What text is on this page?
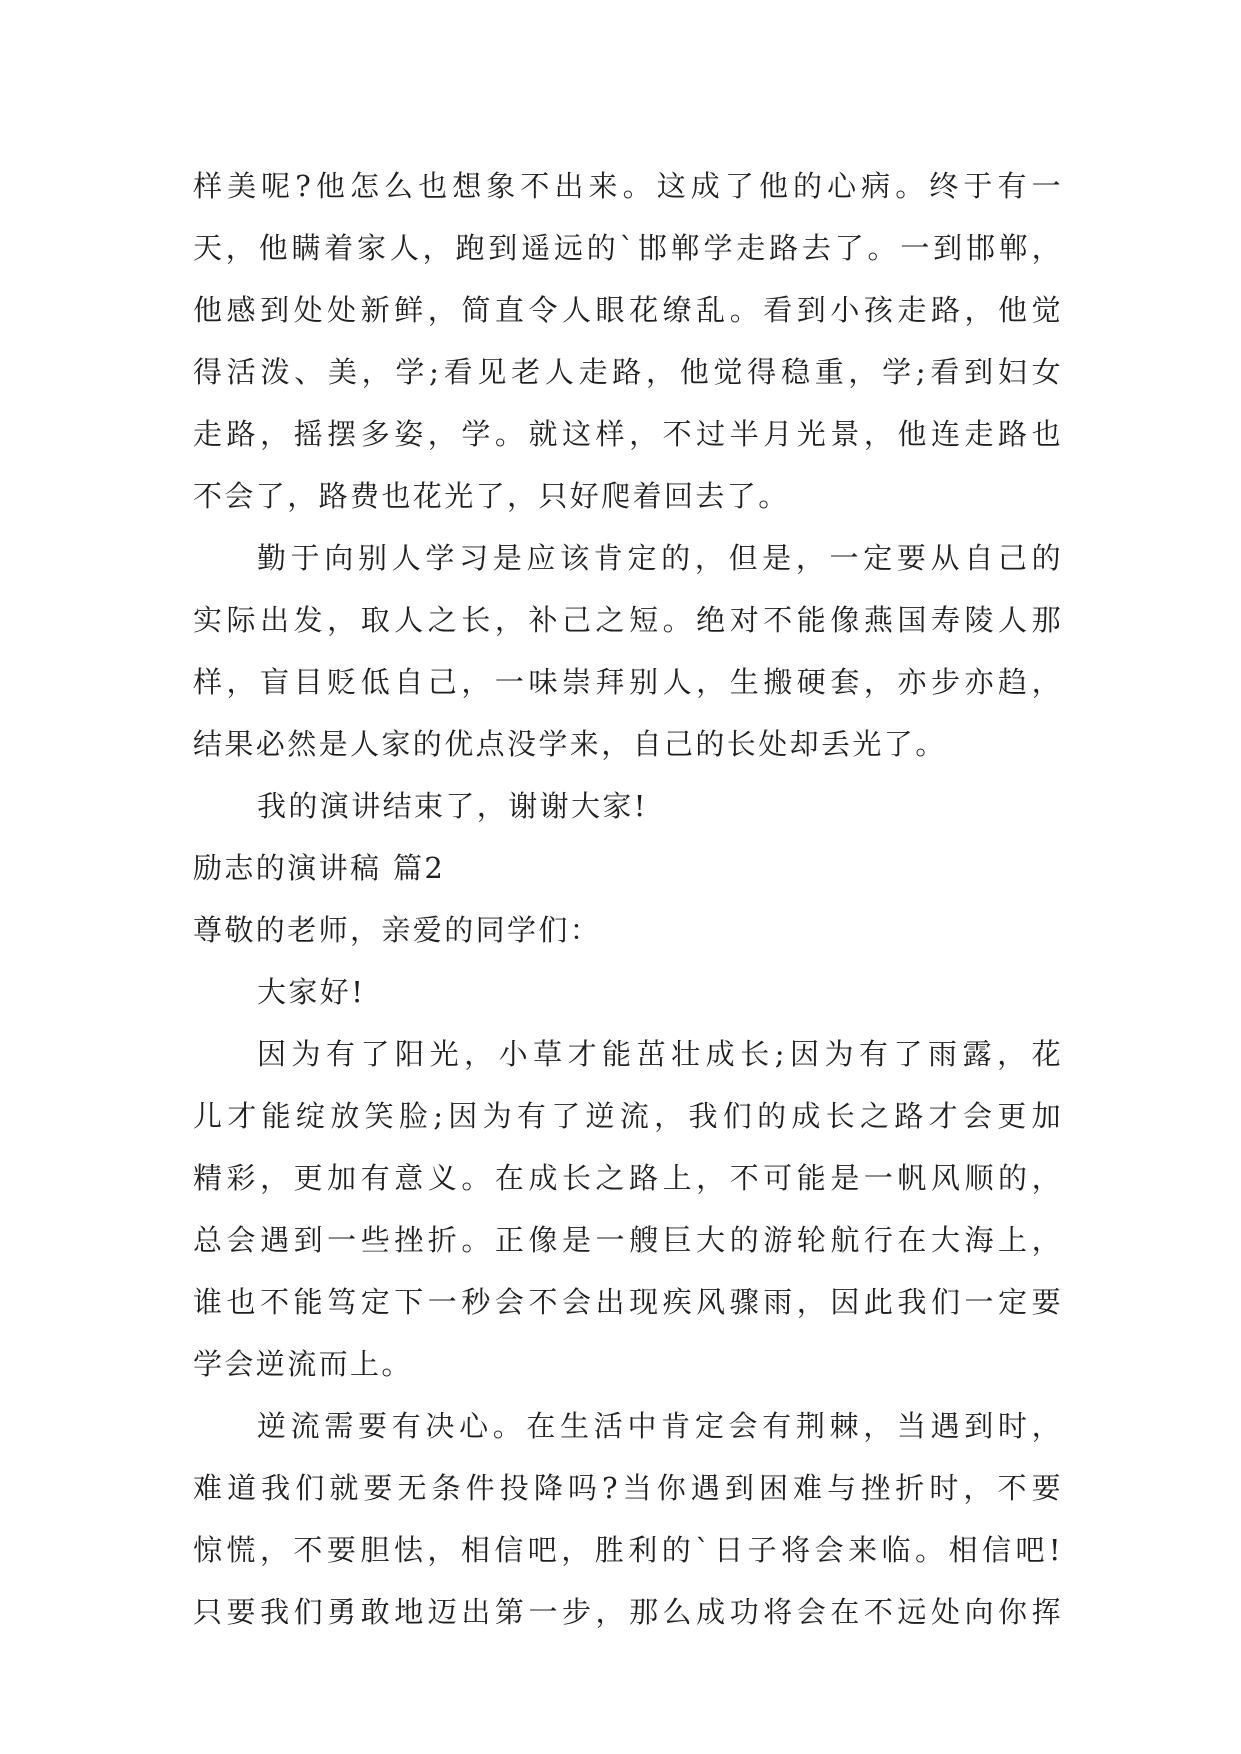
样美呢?他怎么也想象不出来。这成了他的心病。终于有一
天，他瞒着家人，跑到遥远的`邯郸学走路去了。一到邯郸，
他感到处处新鲜，简直令人眼花缭乱。看到小孩走路，他觉
得活泼、美，学;看见老人走路，他觉得稳重，学;看到妇女
走路，摇摆多姿，学。就这样，不过半月光景，他连走路也
不会了，路费也花光了，只好爬着回去了。
勤于向别人学习是应该肯定的，但是，一定要从自己的
实际出发，取人之长，补己之短。绝对不能像燕国寿陵人那
样，盲目贬低自己，一味崇拜别人，生搬硬套，亦步亦趋，
结果必然是人家的优点没学来，自己的长处却丢光了。
我的演讲结束了，谢谢大家!
励志的演讲稿 篇2
尊敬的老师，亲爱的同学们：
大家好!
因为有了阳光，小草才能茁壮成长;因为有了雨露，花
儿才能绽放笑脸;因为有了逆流，我们的成长之路才会更加
精彩，更加有意义。在成长之路上，不可能是一帆风顺的，
总会遇到一些挫折。正像是一艘巨大的游轮航行在大海上，
谁也不能笃定下一秒会不会出现疾风骤雨，因此我们一定要
学会逆流而上。
逆流需要有决心。在生活中肯定会有荆棘，当遇到时，
难道我们就要无条件投降吗?当你遇到困难与挫折时，不要
惊慌，不要胆怯，相信吧，胜利的`日子将会来临。相信吧!
只要我们勇敢地迈出第一步，那么成功将会在不远处向你挥
